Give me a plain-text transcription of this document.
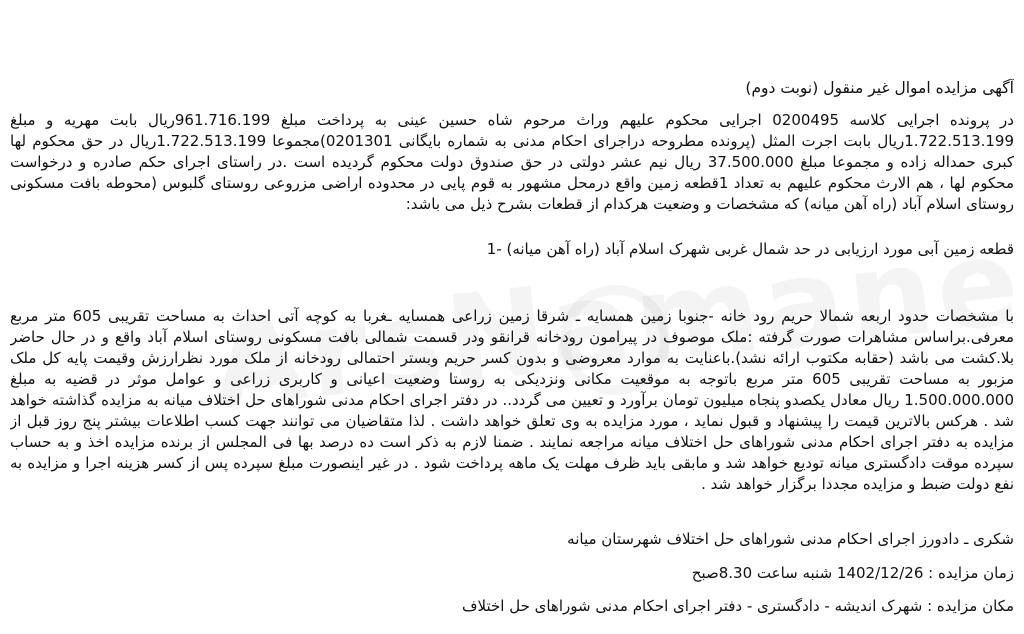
آگهی مزایده اموال غیر منقول (نوبت دوم)

در پرونده اجرایی کلاسه 0200495 اجرایی محکوم علیهم وراث مرحوم شاه حسین عینی به پرداخت مبلغ 961.716.199ریال بابت مهریه و مبلغ 1.722.513.199ریال بابت اجرت المثل (پرونده مطروحه دراجرای احکام مدنی به شماره بایگانی 0201301)مجموعا 1.722.513.199ریال در حق محکوم لها کبری حمداله زاده و مجموعا مبلغ 37.500.000 ریال نیم عشر دولتی در حق صندوق دولت محکوم گردیده است .در راستای اجرای حکم صادره و درخواست محکوم لها ، هم الارث محکوم علیهم به تعداد 1قطعه زمین واقع درمحل مشهور به قوم پایی در محدوده اراضی مزروعی روستای گلبوس (محوطه بافت مسکونی روستای اسلام آباد (راه آهن میانه) که مشخصات و وضعیت هرکدام از قطعات بشرح ذیل می باشد:

قطعه زمین آبی مورد ارزیابی در حد شمال غربی شهرک اسلام آباد (راه آهن میانه) -1

با مشخصات حدود اربعه شمالا حریم رود خانه -جنوبا زمین همسایه ـ شرقا زمین زراعی همسایه ـغربا به کوچه آتی احداث به مساحت تقریبی 605 متر مربع معرفی.براساس مشاهرات صورت گرفته :ملک موصوف در پیرامون رودخانه قرانقو ودر قسمت شمالی بافت مسکونی روستای اسلام آباد واقع و در حال حاضر بلا.کشت می باشد (حقابه مکتوب ارائه نشد).باعنایت به موارد معروضی و بدون کسر حریم وبستر احتمالی رودخانه از ملک مورد نظرارزش وقیمت پایه کل ملک مزبور به مساحت تقریبی 605 متر مربع باتوجه به موقعیت مکانی ونزدیکی به روستا وضعیت اعیانی و کاربری زراعی و عوامل موثر در قضیه به مبلغ 1.500.000.000 ریال معادل یکصدو پنجاه میلیون تومان برآورد و تعیین می گردد.. در دفتر اجرای احکام مدنی شوراهای حل اختلاف میانه به مزایده گذاشته خواهد شد . هرکس بالاترین قیمت را پیشنهاد و قبول نماید ، مورد مزایده به وی تعلق خواهد داشت . لذا متقاضیان می توانند جهت کسب اطلاعات بیشتر پنج روز قبل از مزایده به دفتر اجرای احکام مدنی شوراهای حل اختلاف میانه مراجعه نمایند . ضمنا لازم به ذکر است ده درصد بها فی المجلس از برنده مزایده اخذ و به حساب سپرده موقت دادگستری میانه تودیع خواهد شد و مابقی باید ظرف مهلت یک ماهه پرداخت شود . در غیر اینصورت مبلغ سپرده پس از کسر هزینه اجرا و مزایده به نفع دولت ضبط و مزایده مجددا برگزار خواهد شد .

شکری ـ دادورز اجرای احکام مدنی شوراهای حل اختلاف شهرستان میانه
زمان مزایده : 1402/12/26 شنبه ساعت 8.30صبح
مکان مزایده : شهرک اندیشه - دادگستری - دفتر اجرای احکام مدنی شوراهای حل اختلاف
